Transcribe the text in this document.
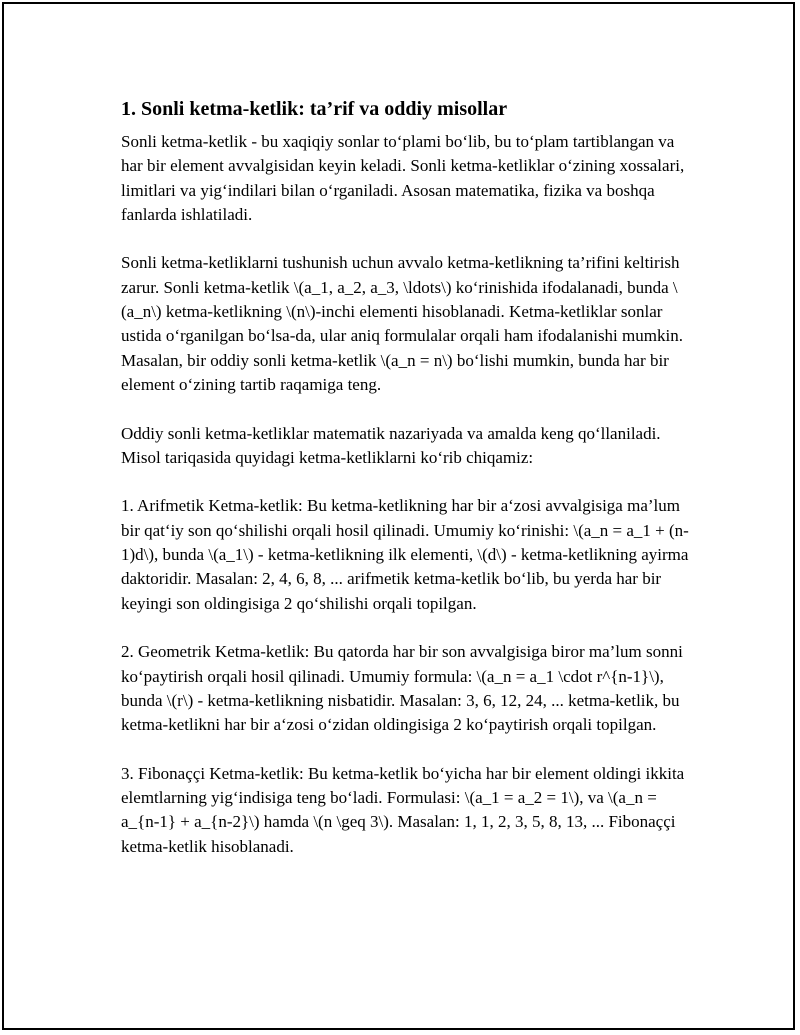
1. Sonli ketma-ketlik: ta’rif va oddiy misollar

Sonli ketma-ketlik - bu xaqiqiy sonlar to‘plami bo‘lib, bu to‘plam tartiblangan va har bir element avvalgisidan keyin keladi. Sonli ketma-ketliklar o‘zining xossalari, limitlari va yig‘indilari bilan o‘rganiladi. Asosan matematika, fizika va boshqa fanlarda ishlatiladi.

Sonli ketma-ketliklarni tushunish uchun avvalo ketma-ketlikning ta’rifini keltirish zarur. Sonli ketma-ketlik \(a_1, a_2, a_3, \ldots\) ko‘rinishida ifodalanadi, bunda \(a_n\) ketma-ketlikning \(n\)-inchi elementi hisoblanadi. Ketma-ketliklar sonlar ustida o‘rganilgan bo‘lsa-da, ular aniq formulalar orqali ham ifodalanishi mumkin. Masalan, bir oddiy sonli ketma-ketlik \(a_n = n\) bo‘lishi mumkin, bunda har bir element o‘zining tartib raqamiga teng.

Oddiy sonli ketma-ketliklar matematik nazariyada va amalda keng qo‘llaniladi. Misol tariqasida quyidagi ketma-ketliklarni ko‘rib chiqamiz:

1. Arifmetik Ketma-ketlik: Bu ketma-ketlikning har bir a‘zosi avvalgisiga ma’lum bir qat‘iy son qo‘shilishi orqali hosil qilinadi. Umumiy ko‘rinishi: \(a_n = a_1 + (n-1)d\), bunda \(a_1\) - ketma-ketlikning ilk elementi, \(d\) - ketma-ketlikning ayirma daktoridir. Masalan: 2, 4, 6, 8, ... arifmetik ketma-ketlik bo‘lib, bu yerda har bir keyingi son oldingisiga 2 qo‘shilishi orqali topilgan.

2. Geometrik Ketma-ketlik: Bu qatorda har bir son avvalgisiga biror ma’lum sonni ko‘paytirish orqali hosil qilinadi. Umumiy formula: \(a_n = a_1 \cdot r^{n-1}\), bunda \(r\) - ketma-ketlikning nisbatidir. Masalan: 3, 6, 12, 24, ... ketma-ketlik, bu ketma-ketlikni har bir a‘zosi o‘zidan oldingisiga 2 ko‘paytirish orqali topilgan.

3. Fibonaççi Ketma-ketlik: Bu ketma-ketlik bo‘yicha har bir element oldingi ikkita elemtlarning yig‘indisiga teng bo‘ladi. Formulasi: \(a_1 = a_2 = 1\), va \(a_n = a_{n-1} + a_{n-2}\) hamda \(n \geq 3\). Masalan: 1, 1, 2, 3, 5, 8, 13, ... Fibonaççi ketma-ketlik hisoblanadi.
